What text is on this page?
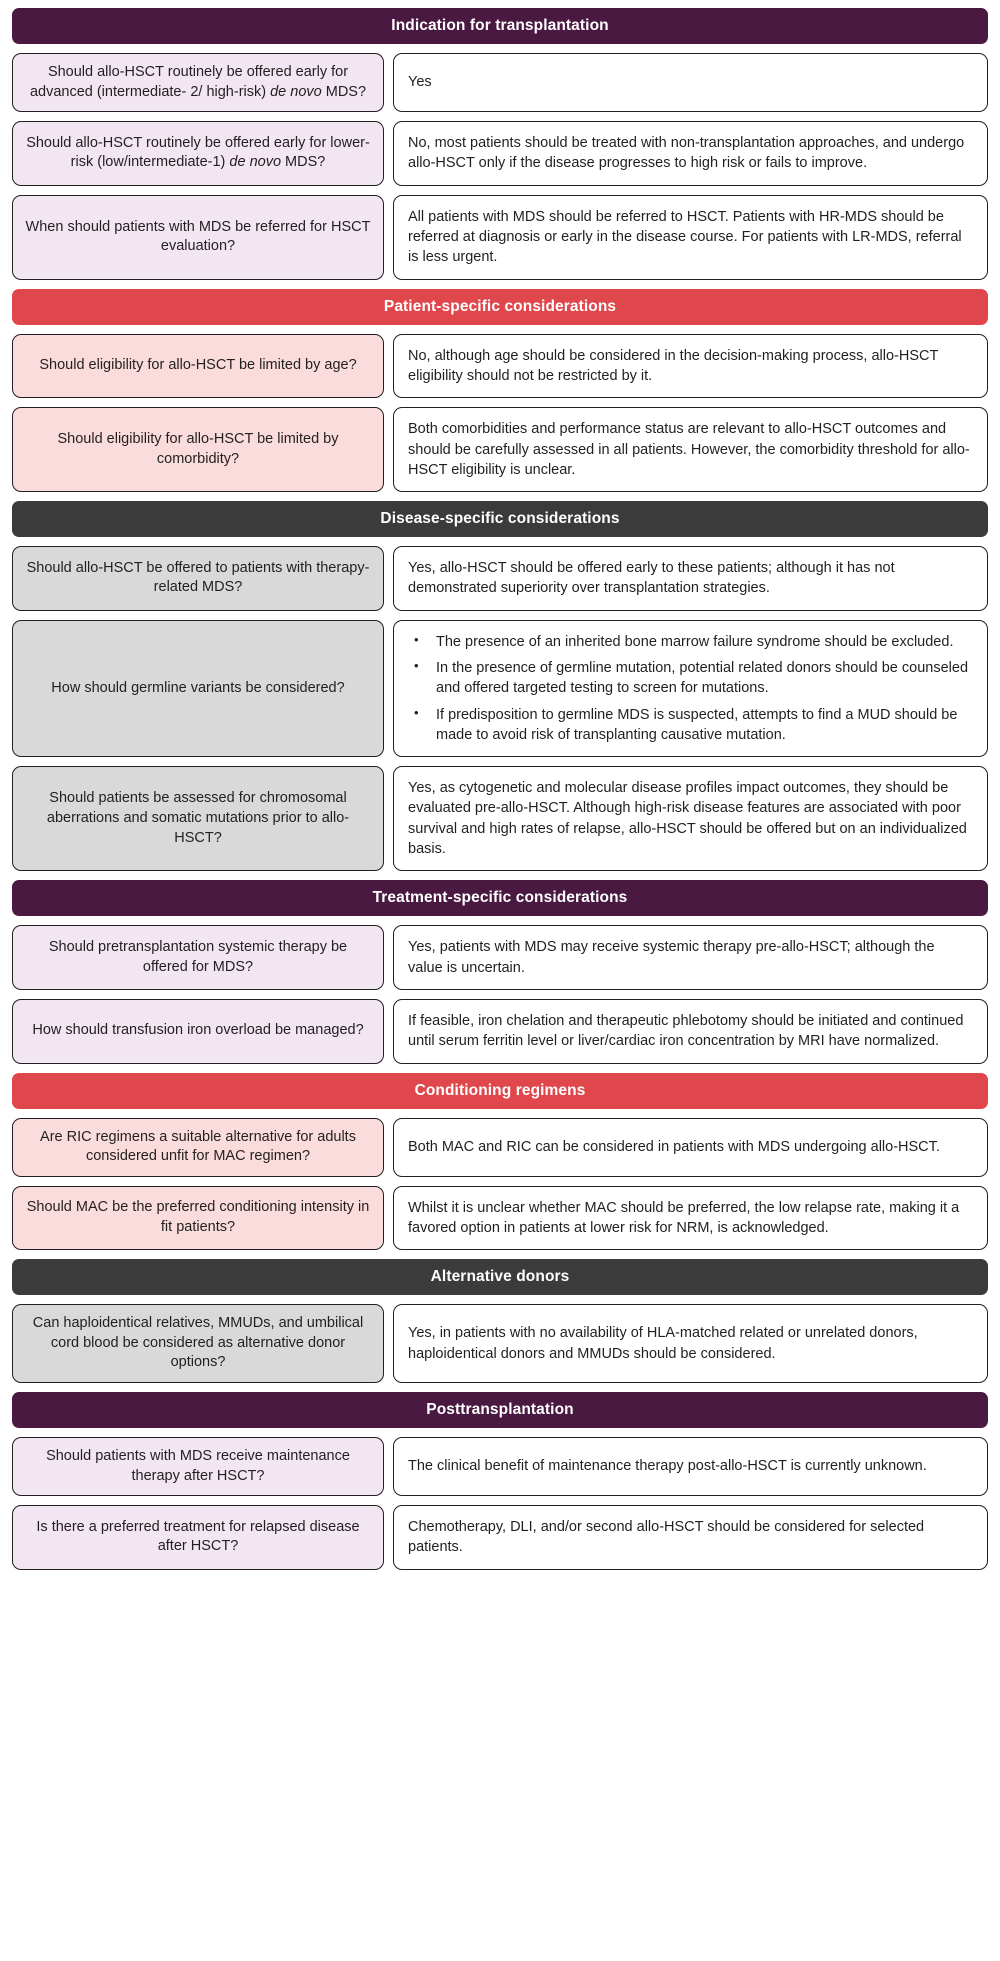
Indication for transplantation
Should allo-HSCT routinely be offered early for advanced (intermediate- 2/ high-risk) de novo MDS?
Yes
Should allo-HSCT routinely be offered early for lower-risk (low/intermediate-1) de novo MDS?
No, most patients should be treated with non-transplantation approaches, and undergo allo-HSCT only if the disease progresses to high risk or fails to improve.
When should patients with MDS be referred for HSCT evaluation?
All patients with MDS should be referred to HSCT. Patients with HR-MDS should be referred at diagnosis or early in the disease course. For patients with LR-MDS, referral is less urgent.
Patient-specific considerations
Should eligibility for allo-HSCT be limited by age?
No, although age should be considered in the decision-making process, allo-HSCT eligibility should not be restricted by it.
Should eligibility for allo-HSCT be limited by comorbidity?
Both comorbidities and performance status are relevant to allo-HSCT outcomes and should be carefully assessed in all patients. However, the comorbidity threshold for allo-HSCT eligibility is unclear.
Disease-specific considerations
Should allo-HSCT be offered to patients with therapy-related MDS?
Yes, allo-HSCT should be offered early to these patients; although it has not demonstrated superiority over transplantation strategies.
How should germline variants be considered?
• The presence of an inherited bone marrow failure syndrome should be excluded.
• In the presence of germline mutation, potential related donors should be counseled and offered targeted testing to screen for mutations.
• If predisposition to germline MDS is suspected, attempts to find a MUD should be made to avoid risk of transplanting causative mutation.
Should patients be assessed for chromosomal aberrations and somatic mutations prior to allo-HSCT?
Yes, as cytogenetic and molecular disease profiles impact outcomes, they should be evaluated pre-allo-HSCT. Although high-risk disease features are associated with poor survival and high rates of relapse, allo-HSCT should be offered but on an individualized basis.
Treatment-specific considerations
Should pretransplantation systemic therapy be offered for MDS?
Yes, patients with MDS may receive systemic therapy pre-allo-HSCT; although the value is uncertain.
How should transfusion iron overload be managed?
If feasible, iron chelation and therapeutic phlebotomy should be initiated and continued until serum ferritin level or liver/cardiac iron concentration by MRI have normalized.
Conditioning regimens
Are RIC regimens a suitable alternative for adults considered unfit for MAC regimen?
Both MAC and RIC can be considered in patients with MDS undergoing allo-HSCT.
Should MAC be the preferred conditioning intensity in fit patients?
Whilst it is unclear whether MAC should be preferred, the low relapse rate, making it a favored option in patients at lower risk for NRM, is acknowledged.
Alternative donors
Can haploidentical relatives, MMUDs, and umbilical cord blood be considered as alternative donor options?
Yes, in patients with no availability of HLA-matched related or unrelated donors, haploidentical donors and MMUDs should be considered.
Posttransplantation
Should patients with MDS receive maintenance therapy after HSCT?
The clinical benefit of maintenance therapy post-allo-HSCT is currently unknown.
Is there a preferred treatment for relapsed disease after HSCT?
Chemotherapy, DLI, and/or second allo-HSCT should be considered for selected patients.
